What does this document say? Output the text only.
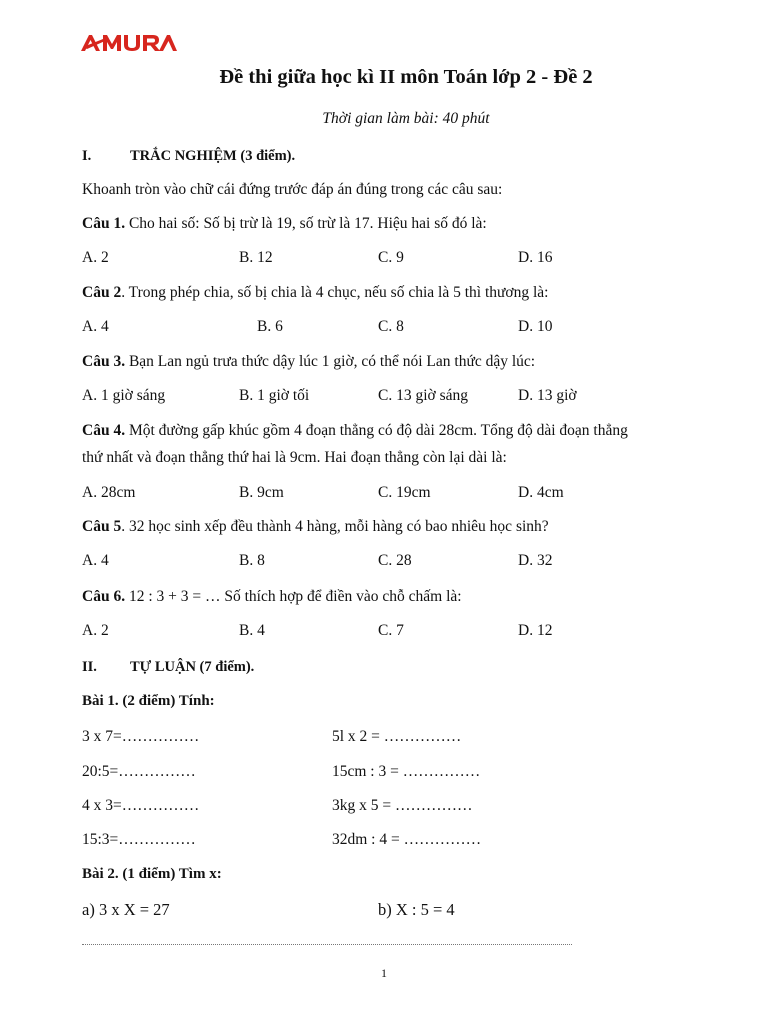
Đề thi giữa học kì II môn Toán lớp 2 - Đề 2
Thời gian làm bài: 40 phút
I.	TRẮC NGHIỆM (3 điểm).
Khoanh tròn vào chữ cái đứng trước đáp án đúng trong các câu sau:
Câu 1. Cho hai số: Số bị trừ là 19, số trừ là 17. Hiệu hai số đó là:
A. 2	B. 12	C. 9	D. 16
Câu 2. Trong phép chia, số bị chia là 4 chục, nếu số chia là 5 thì thương là:
A. 4	B. 6	C. 8	D. 10
Câu 3. Bạn Lan ngủ trưa thức dậy lúc 1 giờ, có thể nói Lan thức dậy lúc:
A. 1 giờ sáng	B. 1 giờ tối	C. 13 giờ sáng	D. 13 giờ
Câu 4. Một đường gấp khúc gồm 4 đoạn thẳng có độ dài 28cm. Tổng độ dài đoạn thẳng
thứ nhất và đoạn thẳng thứ hai là 9cm. Hai đoạn thẳng còn lại dài là:
A. 28cm	B. 9cm	C. 19cm	D. 4cm
Câu 5. 32 học sinh xếp đều thành 4 hàng, mỗi hàng có bao nhiêu học sinh?
A. 4	B. 8	C. 28	D. 32
Câu 6. 12 : 3 + 3 = … Số thích hợp để điền vào chỗ chấm là:
A. 2	B. 4	C. 7	D. 12
II. TỰ LUẬN (7 điểm).
Bài 1. (2 điểm) Tính:
3 x 7=……………	5l x 2 = ……………
20:5=……………	15cm : 3 = ……………
4 x 3=……………	3kg x 5 = ……………
15:3=……………	32dm : 4 = ……………
Bài 2. (1 điểm) Tìm x:
a) 3 x X = 27	b) X : 5 = 4
1
